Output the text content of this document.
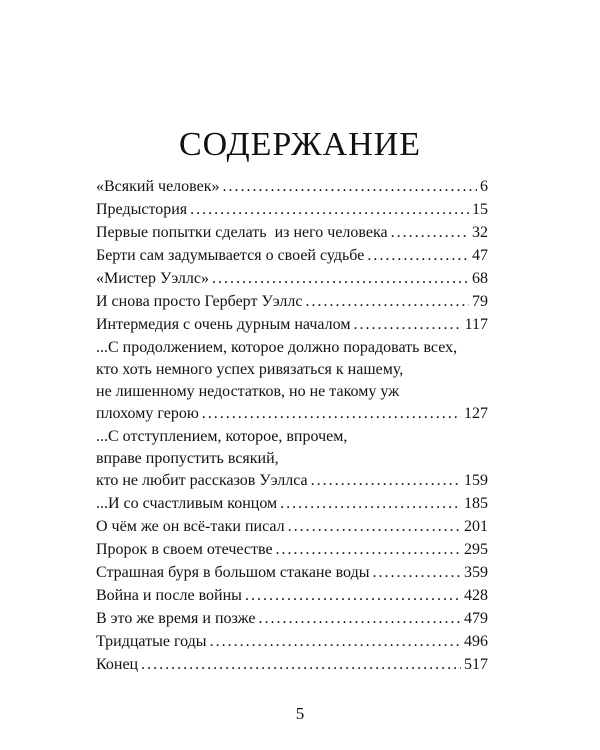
СОДЕРЖАНИЕ
«Всякий человек» .....	6
Предыстория .....	15
Первые попытки сделать  из него человека .....	32
Берти сам задумывается о своей судьбе .....	47
«Мистер Уэллс» .....	68
И снова просто Герберт Уэллс .....	79
Интермедия с очень дурным началом .....	117
...С продолжением, которое должно порадовать всех,
кто хоть немного успех ривязаться к нашему,
не лишенному недостатков, но не такому уж
плохому герою .....	127
...С отступлением, которое, впрочем,
вправе пропустить всякий,
кто не любит рассказов Уэллса .....	159
...И со счастливым концом .....	185
О чём же он всё-таки писал .....	201
Пророк в своем отечестве .....	295
Страшная буря в большом стакане воды .....	359
Война и после войны .....	428
В это же время и позже .....	479
Тридцатые годы .....	496
Конец .....	517
5
